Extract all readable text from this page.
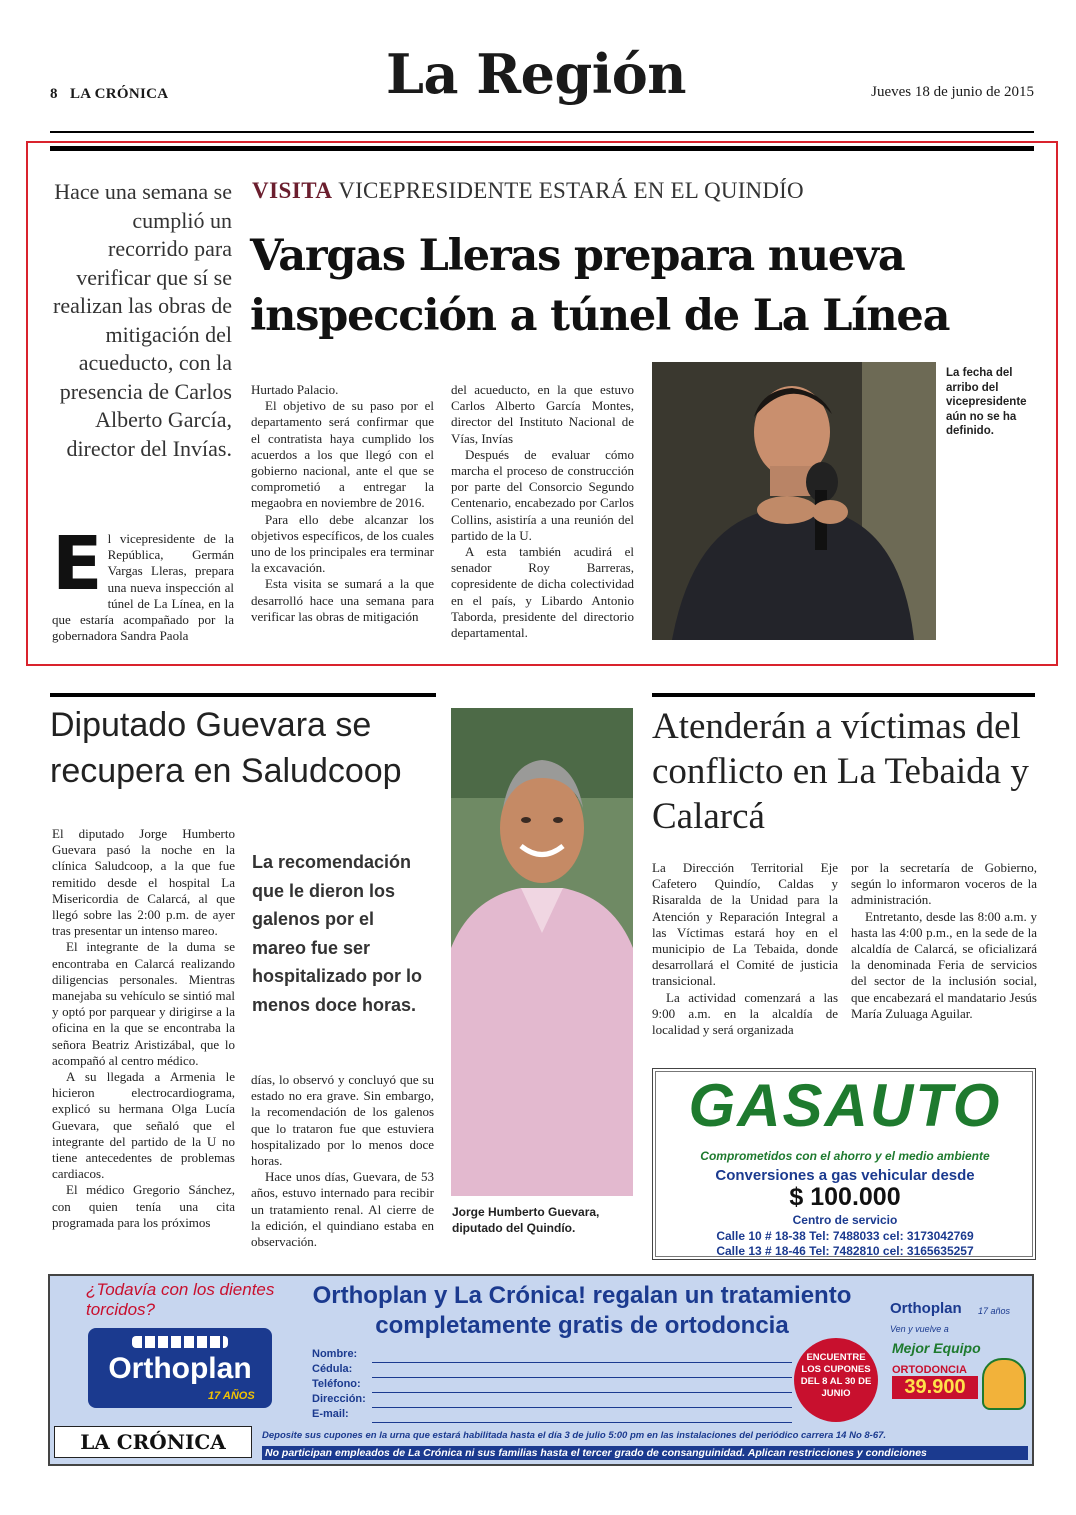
8 LA CRÓNICA	La Región	Jueves 18 de junio de 2015
Hace una semana se cumplió un recorrido para verificar que sí se realizan las obras de mitigación del acueducto, con la presencia de Carlos Alberto García, director del Invías.
VISITA VICEPRESIDENTE ESTARÁ EN EL QUINDÍO
Vargas Lleras prepara nueva inspección a túnel de La Línea
E l vicepresidente de la República, Germán Vargas Lleras, prepara una nueva inspección al túnel de La Línea, en la que estaría acompañado por la gobernadora Sandra Paola

Hurtado Palacio.

El objetivo de su paso por el departamento será confirmar que el contratista haya cumplido los acuerdos a los que llegó con el gobierno nacional, ante el que se comprometió a entregar la megaobra en noviembre de 2016.

Para ello debe alcanzar los objetivos específicos, de los cuales uno de los principales era terminar la excavación.

Esta visita se sumará a la que desarrolló hace una semana para verificar las obras de mitigación

del acueducto, en la que estuvo Carlos Alberto García Montes, director del Instituto Nacional de Vías, Invías

Después de evaluar cómo marcha el proceso de construcción por parte del Consorcio Segundo Centenario, encabezado por Carlos Collins, asistiría a una reunión del partido de la U.

A esta también acudirá el senador Roy Barreras, copresidente de dicha colectividad en el país, y Libardo Antonio Taborda, presidente del directorio departamental.

La fecha del arribo del vicepresidente aún no se ha definido.
Diputado Guevara se recupera en Saludcoop

El diputado Jorge Humberto Guevara pasó la noche en la clínica Saludcoop, a la que fue remitido desde el hospital La Misericordia de Calarcá, al que llegó sobre las 2:00 p.m. de ayer tras presentar un intenso mareo.

El integrante de la duma se encontraba en Calarcá realizando diligencias personales. Mientras manejaba su vehículo se sintió mal y optó por parquear y dirigirse a la oficina en la que se encontraba la señora Beatriz Aristizábal, que lo acompañó al centro médico.

A su llegada a Armenia le hicieron electrocardiograma, explicó su hermana Olga Lucía Guevara, que señaló que el integrante del partido de la U no tiene antecedentes de problemas cardiacos.

El médico Gregorio Sánchez, con quien tenía una cita programada para los próximos

La recomendación que le dieron los galenos por el mareo fue ser hospitalizado por lo menos doce horas.

días, lo observó y concluyó que su estado no era grave. Sin embargo, la recomendación de los galenos que lo trataron fue que estuviera hospitalizado por lo menos doce horas.

Hace unos días, Guevara, de 53 años, estuvo internado para recibir un tratamiento renal. Al cierre de la edición, el quindiano estaba en observación.

Jorge Humberto Guevara, diputado del Quindío.
Atenderán a víctimas del conflicto en La Tebaida y Calarcá

La Dirección Territorial Eje Cafetero Quindío, Caldas y Risaralda de la Unidad para la Atención y Reparación Integral a las Víctimas estará hoy en el municipio de La Tebaida, donde desarrollará el Comité de justicia transicional.

La actividad comenzará a las 9:00 a.m. en la alcaldía de localidad y será organizada

por la secretaría de Gobierno, según lo informaron voceros de la administración.

Entretanto, desde las 8:00 a.m. y hasta las 4:00 p.m., en la sede de la alcaldía de Calarcá, se oficializará la denominada Feria de servicios del sector de la inclusión social, que encabezará el mandatario Jesús María Zuluaga Aguilar.

GASAUTO
Comprometidos con el ahorro y el medio ambiente
Conversiones a gas vehicular desde
$ 100.000
Centro de servicio
Calle 10 # 18-38 Tel: 7488033 cel: 3173042769
Calle 13 # 18-46 Tel: 7482810 cel: 3165635257
¿Todavía con los dientes torcidos?
Orthoplan
17 AÑOS
Orthoplan y La Crónica! regalan un tratamiento
completamente gratis de ortodoncia
Nombre:
Cédula:
Teléfono:
Dirección:
E-mail:
ENCUENTRE LOS CUPONES DEL 8 AL 30 DE JUNIO
Orthoplan 17 años
Ven y vuelve a
Mejor Equipo
ORTODONCIA
39.900
Deposite sus cupones en la urna que estará habilitada hasta el día 3 de julio 5:00 pm en las instalaciones del periódico carrera 14 No 8-67.
No participan empleados de La Crónica ni sus familias hasta el tercer grado de consanguinidad. Aplican restricciones y condiciones
LA CRÓNICA
